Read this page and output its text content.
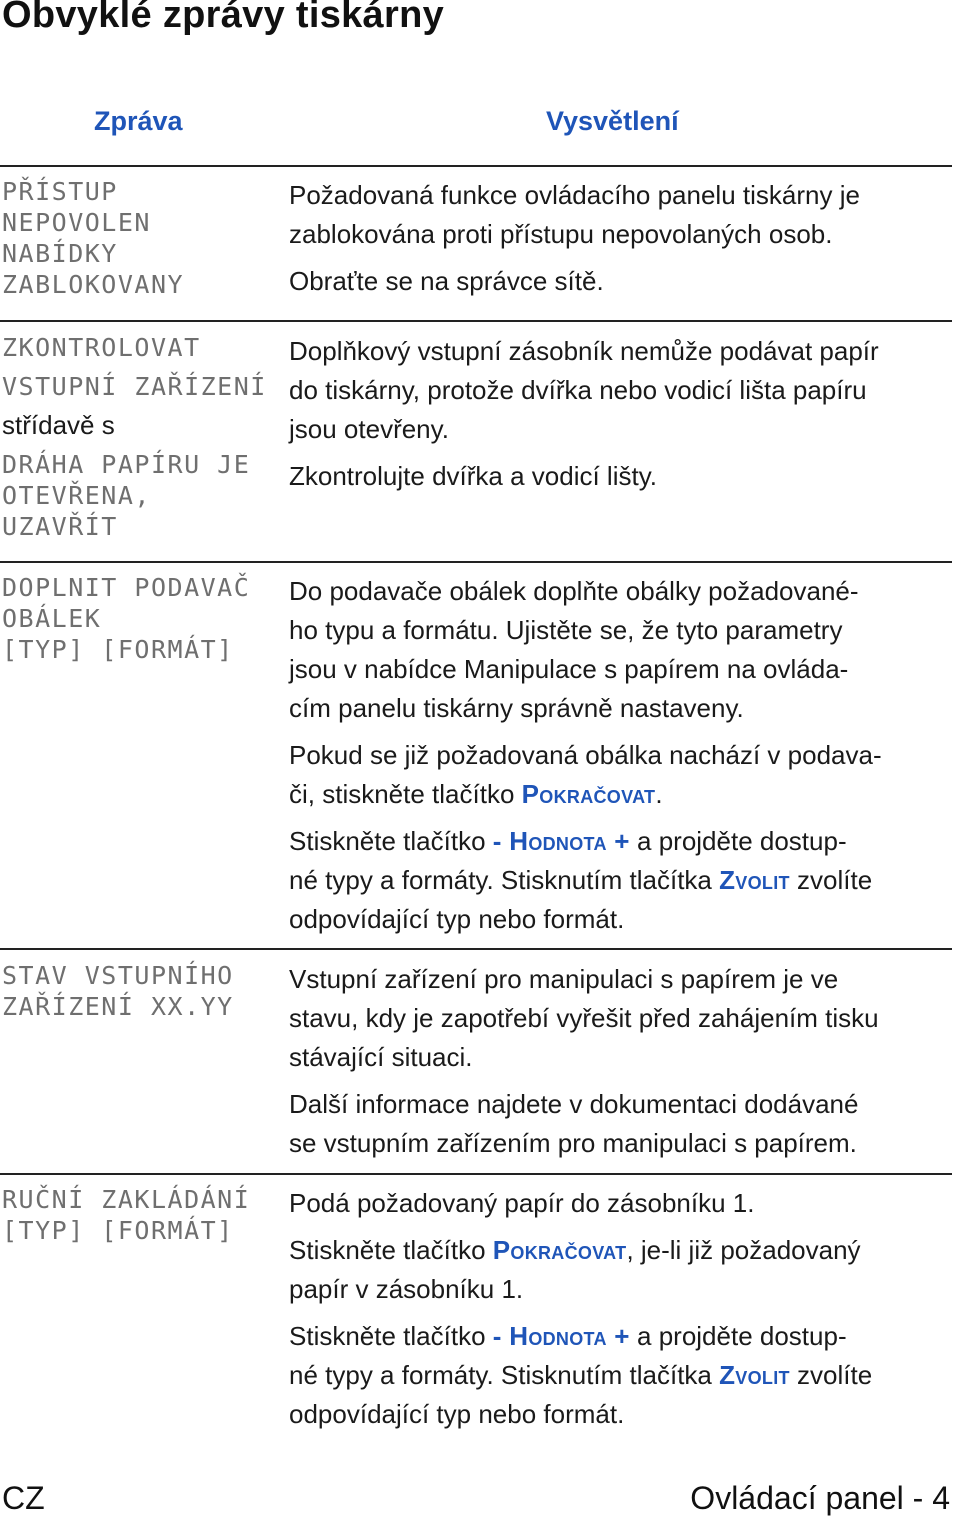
Obvyklé zprávy tiskárny
Zpráva	Vysvětlení
PŘÍSTUP
NEPOVOLEN
NABÍDKY
ZABLOKOVANY

Požadovaná funkce ovládacího panelu tiskárny je
zablokována proti přístupu nepovolaných osob.

Obraťte se na správce sítě.

ZKONTROLOVAT
VSTUPNÍ ZAŘÍZENÍ
střídavě s
DRÁHA PAPÍRU JE
OTEVŘENA,
UZAVŘÍT

Doplňkový vstupní zásobník nemůže podávat papír
do tiskárny, protože dvířka nebo vodicí lišta papíru
jsou otevřeny.

Zkontrolujte dvířka a vodicí lišty.

DOPLNIT PODAVAČ
OBÁLEK
[TYP] [FORMÁT]

Do podavače obálek doplňte obálky požadované-
ho typu a formátu. Ujistěte se, že tyto parametry
jsou v nabídce Manipulace s papírem na ovláda-
cím panelu tiskárny správně nastaveny.

Pokud se již požadovaná obálka nachází v podava-
či, stiskněte tlačítko Pokračovat.

Stiskněte tlačítko - Hodnota + a projděte dostup-
né typy a formáty. Stisknutím tlačítka Zvolit zvolíte
odpovídající typ nebo formát.

STAV VSTUPNÍHO
ZAŘÍZENÍ XX.YY

Vstupní zařízení pro manipulaci s papírem je ve
stavu, kdy je zapotřebí vyřešit před zahájením tisku
stávající situaci.

Další informace najdete v dokumentaci dodávané
se vstupním zařízením pro manipulaci s papírem.

RUČNÍ ZAKLÁDÁNÍ
[TYP] [FORMÁT]

Podá požadovaný papír do zásobníku 1.

Stiskněte tlačítko Pokračovat, je-li již požadovaný
papír v zásobníku 1.

Stiskněte tlačítko - Hodnota + a projděte dostup-
né typy a formáty. Stisknutím tlačítka Zvolit zvolíte
odpovídající typ nebo formát.

CZ	Ovládací panel - 4
